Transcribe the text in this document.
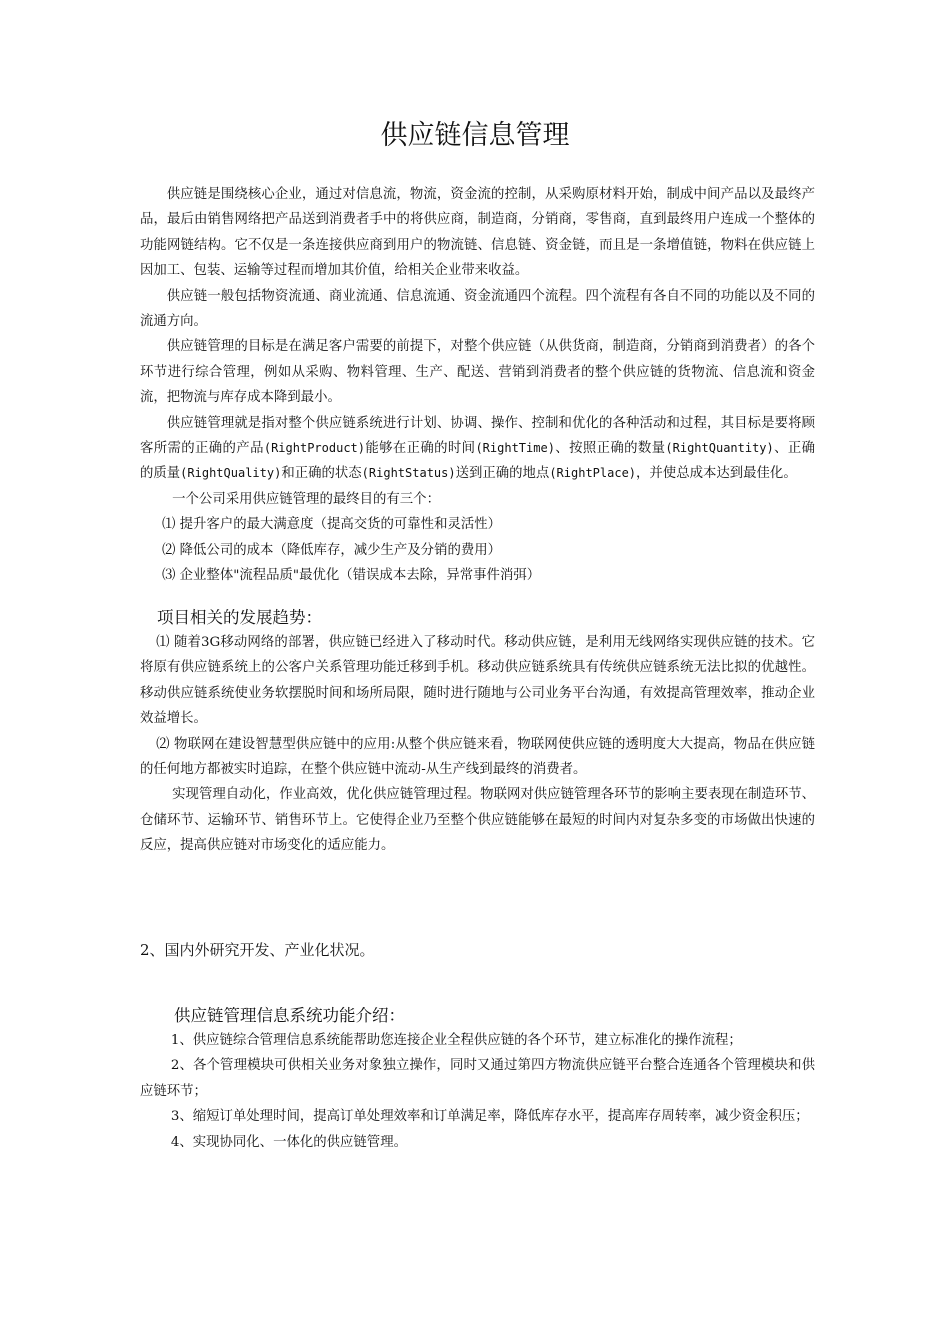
供应链信息管理

供应链是围绕核心企业，通过对信息流，物流，资金流的控制，从采购原材料开始，制成中间产品以及最终产品，最后由销售网络把产品送到消费者手中的将供应商，制造商，分销商，零售商，直到最终用户连成一个整体的功能网链结构。它不仅是一条连接供应商到用户的物流链、信息链、资金链，而且是一条增值链，物料在供应链上因加工、包装、运输等过程而增加其价值，给相关企业带来收益。

供应链一般包括物资流通、商业流通、信息流通、资金流通四个流程。四个流程有各自不同的功能以及不同的流通方向。

供应链管理的目标是在满足客户需要的前提下，对整个供应链（从供货商，制造商，分销商到消费者）的各个环节进行综合管理，例如从采购、物料管理、生产、配送、营销到消费者的整个供应链的货物流、信息流和资金流，把物流与库存成本降到最小。

供应链管理就是指对整个供应链系统进行计划、协调、操作、控制和优化的各种活动和过程，其目标是要将顾客所需的正确的产品(RightProduct)能够在正确的时间(RightTime)、按照正确的数量(RightQuantity)、正确的质量(RightQuality)和正确的状态(RightStatus)送到正确的地点(RightPlace)，并使总成本达到最佳化。

一个公司采用供应链管理的最终目的有三个：

⑴ 提升客户的最大满意度（提高交货的可靠性和灵活性）

⑵ 降低公司的成本（降低库存，减少生产及分销的费用）

⑶ 企业整体"流程品质"最优化（错误成本去除，异常事件消弭）

项目相关的发展趋势：

⑴ 随着3G移动网络的部署，供应链已经进入了移动时代。移动供应链，是利用无线网络实现供应链的技术。它将原有供应链系统上的公客户关系管理功能迁移到手机。移动供应链系统具有传统供应链系统无法比拟的优越性。移动供应链系统使业务软摆脱时间和场所局限，随时进行随地与公司业务平台沟通，有效提高管理效率，推动企业效益增长。

⑵ 物联网在建设智慧型供应链中的应用:从整个供应链来看，物联网使供应链的透明度大大提高，物品在供应链的任何地方都被实时追踪，在整个供应链中流动-从生产线到最终的消费者。

实现管理自动化，作业高效，优化供应链管理过程。物联网对供应链管理各环节的影响主要表现在制造环节、仓储环节、运输环节、销售环节上。它使得企业乃至整个供应链能够在最短的时间内对复杂多变的市场做出快速的反应，提高供应链对市场变化的适应能力。

2、国内外研究开发、产业化状况。
供应链管理信息系统功能介绍：

1、供应链综合管理信息系统能帮助您连接企业全程供应链的各个环节，建立标准化的操作流程；

2、各个管理模块可供相关业务对象独立操作，同时又通过第四方物流供应链平台整合连通各个管理模块和供应链环节；

3、缩短订单处理时间，提高订单处理效率和订单满足率，降低库存水平，提高库存周转率，减少资金积压；

4、实现协同化、一体化的供应链管理。
